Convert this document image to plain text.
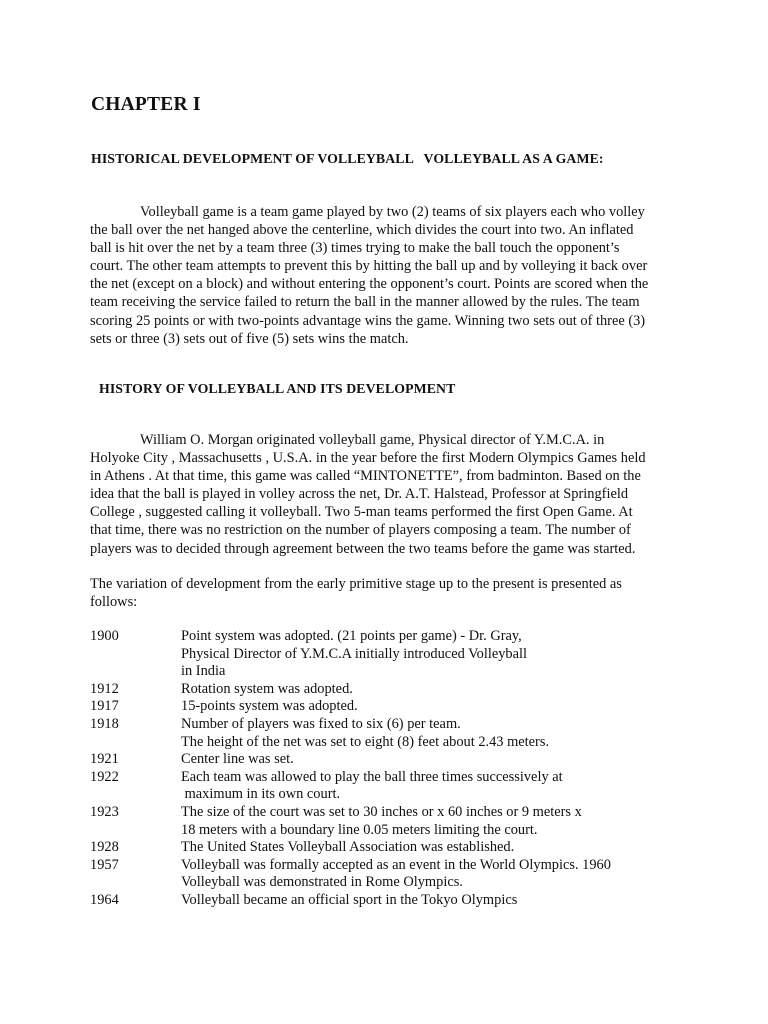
CHAPTER I
HISTORICAL DEVELOPMENT OF VOLLEYBALL   VOLLEYBALL AS A GAME:
Volleyball game is a team game played by two (2) teams of six players each who volley
the ball over the net hanged above the centerline, which divides the court into two. An inflated
ball is hit over the net by a team three (3) times trying to make the ball touch the opponent’s
court. The other team attempts to prevent this by hitting the ball up and by volleying it back over
the net (except on a block) and without entering the opponent’s court. Points are scored when the
team receiving the service failed to return the ball in the manner allowed by the rules. The team
scoring 25 points or with two-points advantage wins the game. Winning two sets out of three (3)
sets or three (3) sets out of five (5) sets wins the match.
HISTORY OF VOLLEYBALL AND ITS DEVELOPMENT
William O. Morgan originated volleyball game, Physical director of Y.M.C.A. in
Holyoke City , Massachusetts , U.S.A. in the year before the first Modern Olympics Games held
in Athens . At that time, this game was called “MINTONETTE”, from badminton. Based on the
idea that the ball is played in volley across the net, Dr. A.T. Halstead, Professor at Springfield
College , suggested calling it volleyball. Two 5-man teams performed the first Open Game. At
that time, there was no restriction on the number of players composing a team. The number of
players was to decided through agreement between the two teams before the game was started.
The variation of development from the early primitive stage up to the present is presented as
follows:
1900	Point system was adopted. (21 points per game) - Dr. Gray,
Physical Director of Y.M.C.A initially introduced Volleyball
in India
1912	Rotation system was adopted.
1917	15-points system was adopted.
1918	Number of players was fixed to six (6) per team.
The height of the net was set to eight (8) feet about 2.43 meters.
1921	Center line was set.
1922	Each team was allowed to play the ball three times successively at
maximum in its own court.
1923	The size of the court was set to 30 inches or x 60 inches or 9 meters x
18 meters with a boundary line 0.05 meters limiting the court.
1928	The United States Volleyball Association was established.
1957	Volleyball was formally accepted as an event in the World Olympics. 1960
Volleyball was demonstrated in Rome Olympics.
1964	Volleyball became an official sport in the Tokyo Olympics
